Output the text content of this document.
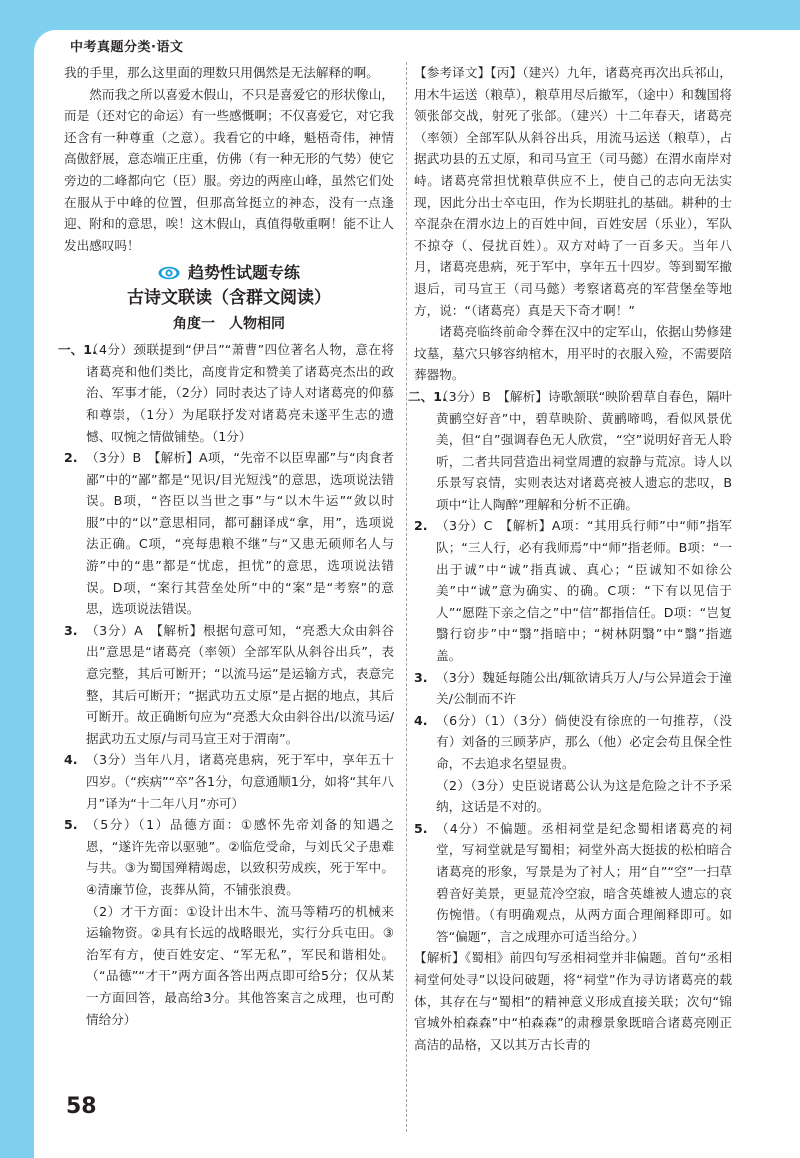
中考真题分类·语文
58

我的手里，那么这里面的理数只用偶然是无法解释的啊。

然而我之所以喜爱木假山，不只是喜爱它的形状像山，而是（还对它的命运）有一些感慨啊；不仅喜爱它，对它我还含有一种尊重（之意）。我看它的中峰，魁梧奇伟，神情高傲舒展，意态端正庄重，仿佛（有一种无形的气势）使它旁边的二峰都向它（臣）服。旁边的两座山峰，虽然它们处在服从于中峰的位置，但那高耸挺立的神态，没有一点逢迎、附和的意思，唉！这木假山，真值得敬重啊！能不让人发出感叹吗！

趋势性试题专练
古诗文联读（含群文阅读）
角度一　人物相同
一、1.
（4分）颈联提到“伊吕”“萧曹”四位著名人物，意在将诸葛亮和他们类比，高度肯定和赞美了诸葛亮杰出的政治、军事才能，（2分）同时表达了诗人对诸葛亮的仰慕和尊崇，（1分）为尾联抒发对诸葛亮未遂平生志的遗憾、叹惋之情做铺垫。（1分）
2. （3分）B　【解析】A项，“先帝不以臣卑鄙”与“肉食者鄙”中的“鄙”都是“见识/目光短浅”的意思，选项说法错误。B项，“咨臣以当世之事”与“以木牛运”“敛以时服”中的“以”意思相同，都可翻译成“拿，用”，选项说法正确。C项，“亮每患粮不继”与“又患无硕师名人与游”中的“患”都是“忧虑，担忧”的意思，选项说法错误。D项，“案行其营垒处所”中的“案”是“考察”的意思，选项说法错误。
3. （3分）A　【解析】根据句意可知，“亮悉大众由斜谷出”意思是“诸葛亮（率领）全部军队从斜谷出兵”，表意完整，其后可断开；“以流马运”是运输方式，表意完整，其后可断开；“据武功五丈原”是占据的地点，其后可断开。故正确断句应为“亮悉大众由斜谷出/以流马运/据武功五丈原/与司马宣王对于渭南”。
4. （3分）当年八月，诸葛亮患病，死于军中，享年五十四岁。（“疾病”“卒”各1分，句意通顺1分，如将“其年八月”译为“十二年八月”亦可）
5. （5分）（1）品德方面：①感怀先帝刘备的知遇之恩，“遂许先帝以驱驰”。②临危受命，与刘氏父子患难与共。③为蜀国殚精竭虑，以致积劳成疾，死于军中。④清廉节俭，丧葬从简，不铺张浪费。

（2）才干方面：①设计出木牛、流马等精巧的机械来运输物资。②具有长远的战略眼光，实行分兵屯田。③治军有方，使百姓安定、“军无私”，军民和谐相处。（“品德”“才干”两方面各答出两点即可给5分；仅从某一方面回答，最高给3分。其他答案言之成理，也可酌情给分）

【参考译文】【丙】（建兴）九年，诸葛亮再次出兵祁山，用木牛运送（粮草），粮草用尽后撤军，（途中）和魏国将领张郃交战，射死了张郃。（建兴）十二年春天，诸葛亮（率领）全部军队从斜谷出兵，用流马运送（粮草），占据武功县的五丈原，和司马宣王（司马懿）在渭水南岸对峙。诸葛亮常担忧粮草供应不上，使自己的志向无法实现，因此分出士卒屯田，作为长期驻扎的基础。耕种的士卒混杂在渭水边上的百姓中间，百姓安居（乐业），军队不掠夺（、侵扰百姓）。双方对峙了一百多天。当年八月，诸葛亮患病，死于军中，享年五十四岁。等到蜀军撤退后，司马宣王（司马懿）考察诸葛亮的军营堡垒等地方，说：“（诸葛亮）真是天下奇才啊！”

诸葛亮临终前命令葬在汉中的定军山，依据山势修建坟墓，墓穴只够容纳棺木，用平时的衣服入殓，不需要陪葬器物。

二、1.
（3分）B　【解析】诗歌颔联“映阶碧草自春色，隔叶黄鹂空好音”中，碧草映阶、黄鹂啼鸣，看似风景优美，但“自”强调春色无人欣赏，“空”说明好音无人聆听，二者共同营造出祠堂周遭的寂静与荒凉。诗人以乐景写哀情，实则表达对诸葛亮被人遗忘的悲叹，B项中“让人陶醉”理解和分析不正确。
2. （3分）C　【解析】A项：“其用兵行师”中“师”指军队；“三人行，必有我师焉”中“师”指老师。B项：“一出于诚”中“诚”指真诚、真心；“臣诚知不如徐公美”中“诚”意为确实、的确。C项：“下有以见信于人”“愿陛下亲之信之”中“信”都指信任。D项：“岂复翳行窃步”中“翳”指暗中；“树林阴翳”中“翳”指遮盖。
3. （3分）魏延每随公出/辄欲请兵万人/与公异道会于潼关/公制而不许
4. （6分）（1）（3分）倘使没有徐庶的一句推荐，（没有）刘备的三顾茅庐，那么（他）必定会苟且保全性命，不去追求名望显贵。

（2）（3分）史臣说诸葛公认为这是危险之计不予采纳，这话是不对的。

5. （4分）不偏题。丞相祠堂是纪念蜀相诸葛亮的祠堂，写祠堂就是写蜀相；祠堂外高大挺拔的松柏暗合诸葛亮的形象，写景是为了衬人；用“自”“空”一扫草碧音好美景，更显荒冷空寂，暗含英雄被人遗忘的哀伤惋惜。（有明确观点，从两方面合理阐释即可。如答“偏题”，言之成理亦可适当给分。）

【解析】《蜀相》前四句写丞相祠堂并非偏题。首句“丞相祠堂何处寻”以设问破题，将“祠堂”作为寻访诸葛亮的载体，其存在与“蜀相”的精神意义形成直接关联；次句“锦官城外柏森森”中“柏森森”的肃穆景象既暗合诸葛亮刚正高洁的品格，又以其万古长青的
